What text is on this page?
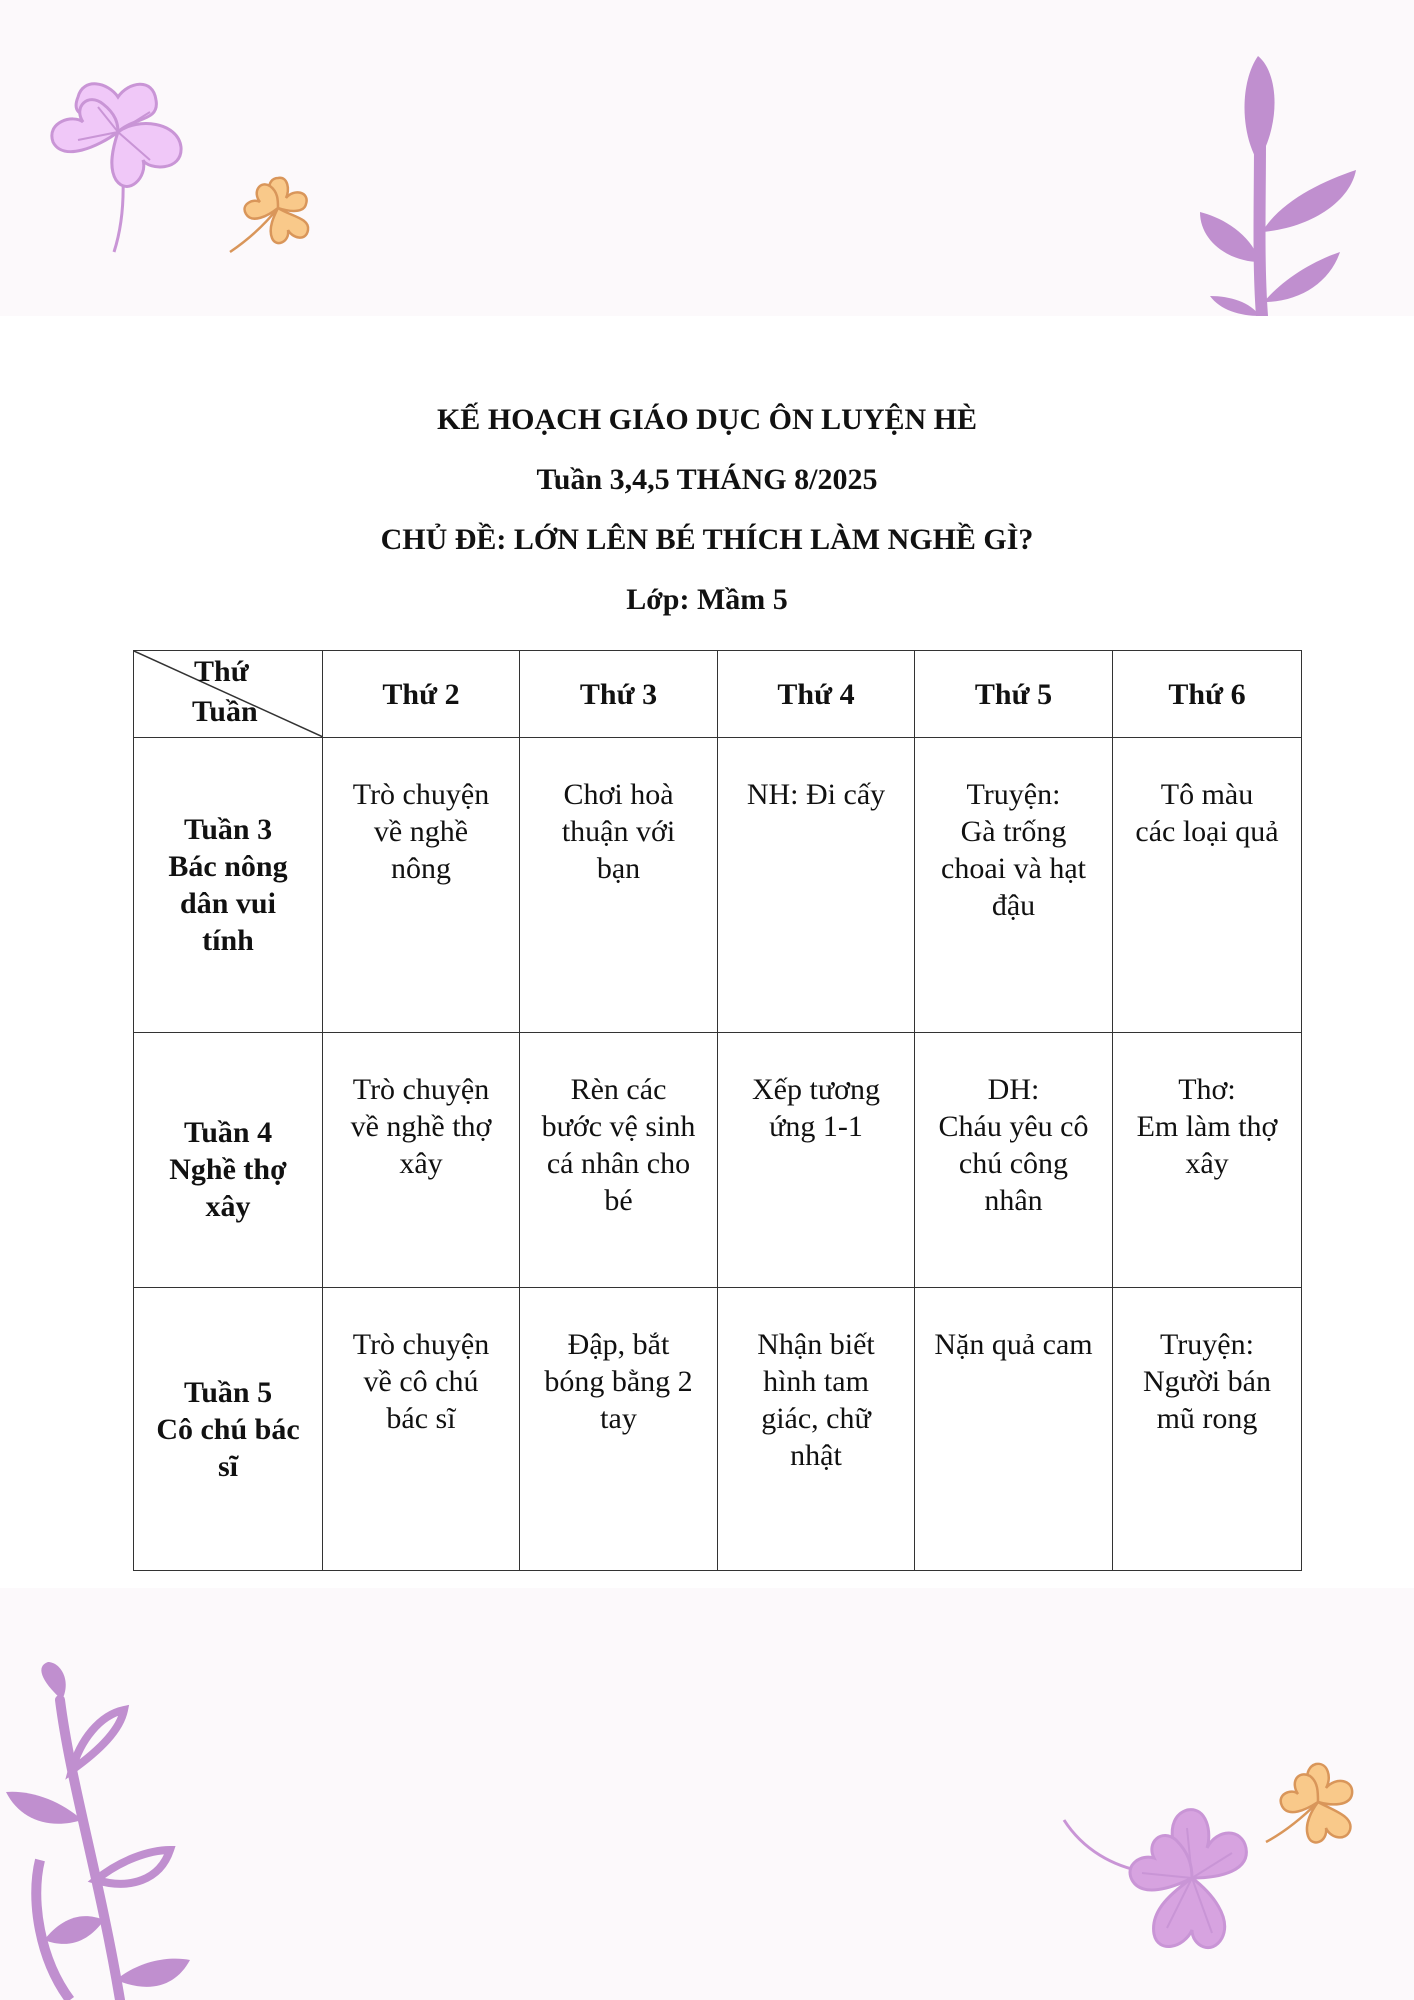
KẾ HOẠCH GIÁO DỤC ÔN LUYỆN HÈ
Tuần 3,4,5 THÁNG 8/2025
CHỦ ĐỀ: LỚN LÊN BÉ THÍCH LÀM NGHỀ GÌ?
Lớp: Mầm 5
Thứ
Tuần	Thứ 2	Thứ 3	Thứ 4	Thứ 5	Thứ 6

Tuần 3
Bác nông
dân vui
tính	Trò chuyện
về nghề
nông	Chơi hoà
thuận với
bạn	NH: Đi cấy	Truyện:
Gà trống
choai và hạt
đậu	Tô màu
các loại quả

Tuần 4
Nghề thợ
xây	Trò chuyện
về nghề thợ
xây	Rèn các
bước vệ sinh
cá nhân cho
bé	Xếp tương
ứng 1-1	DH:
Cháu yêu cô
chú công
nhân	Thơ:
Em làm thợ
xây

Tuần 5
Cô chú bác
sĩ	Trò chuyện
về cô chú
bác sĩ	Đập, bắt
bóng bằng 2
tay	Nhận biết
hình tam
giác, chữ
nhật	Nặn quả cam	Truyện:
Người bán
mũ rong
